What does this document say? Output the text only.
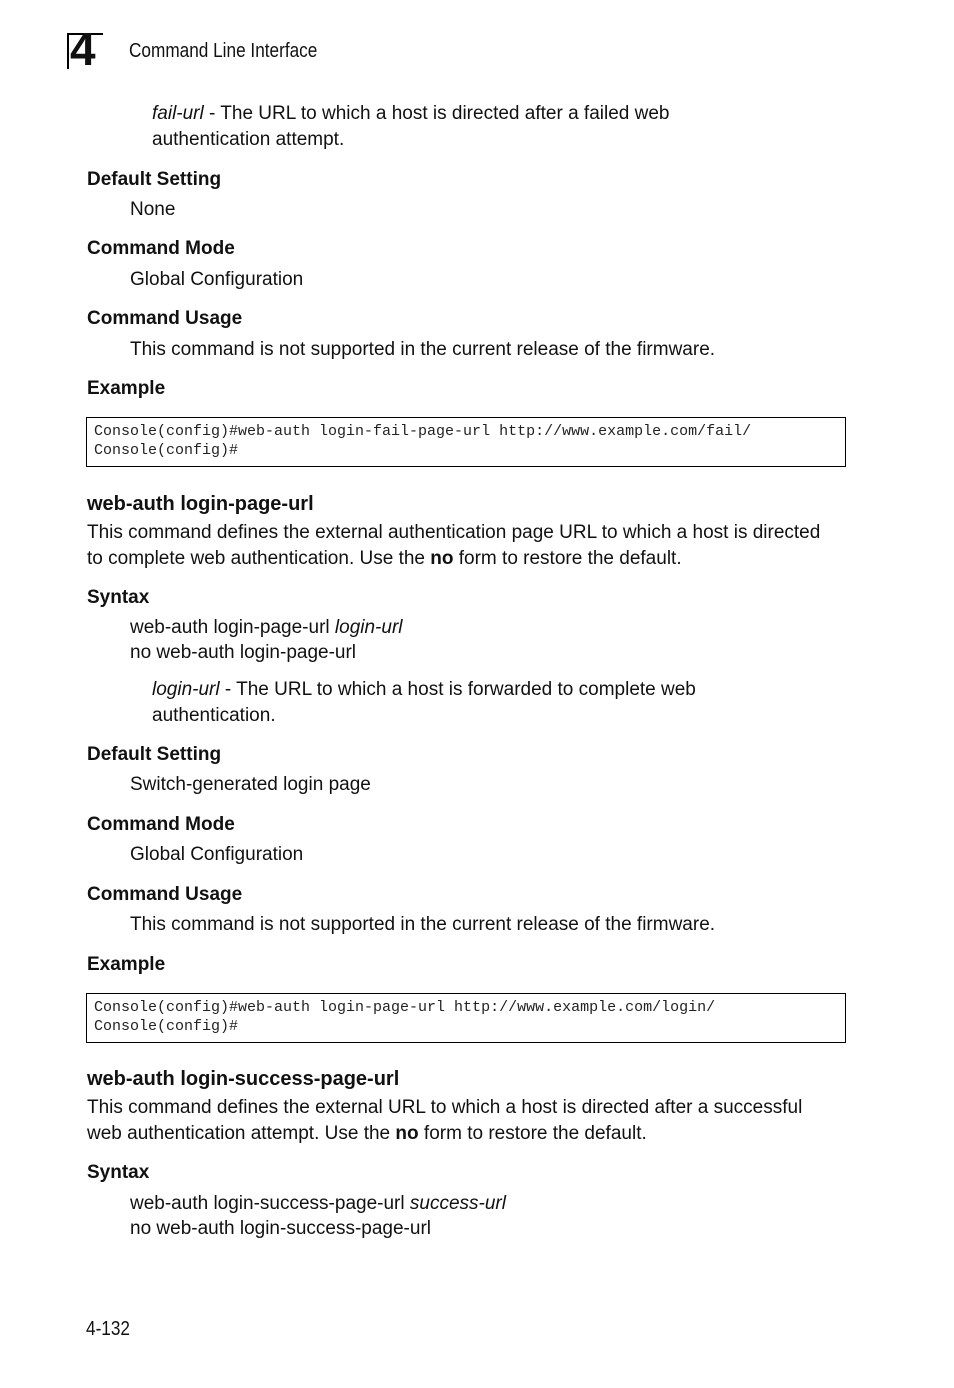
4 Command Line Interface
fail-url - The URL to which a host is directed after a failed web authentication attempt.
Default Setting
None
Command Mode
Global Configuration
Command Usage
This command is not supported in the current release of the firmware.
Example
Console(config)#web-auth login-fail-page-url http://www.example.com/fail/
Console(config)#
web-auth login-page-url
This command defines the external authentication page URL to which a host is directed to complete web authentication. Use the no form to restore the default.
Syntax
web-auth login-page-url login-url
no web-auth login-page-url
login-url - The URL to which a host is forwarded to complete web authentication.
Default Setting
Switch-generated login page
Command Mode
Global Configuration
Command Usage
This command is not supported in the current release of the firmware.
Example
Console(config)#web-auth login-page-url http://www.example.com/login/
Console(config)#
web-auth login-success-page-url
This command defines the external URL to which a host is directed after a successful web authentication attempt. Use the no form to restore the default.
Syntax
web-auth login-success-page-url success-url
no web-auth login-success-page-url
4-132
